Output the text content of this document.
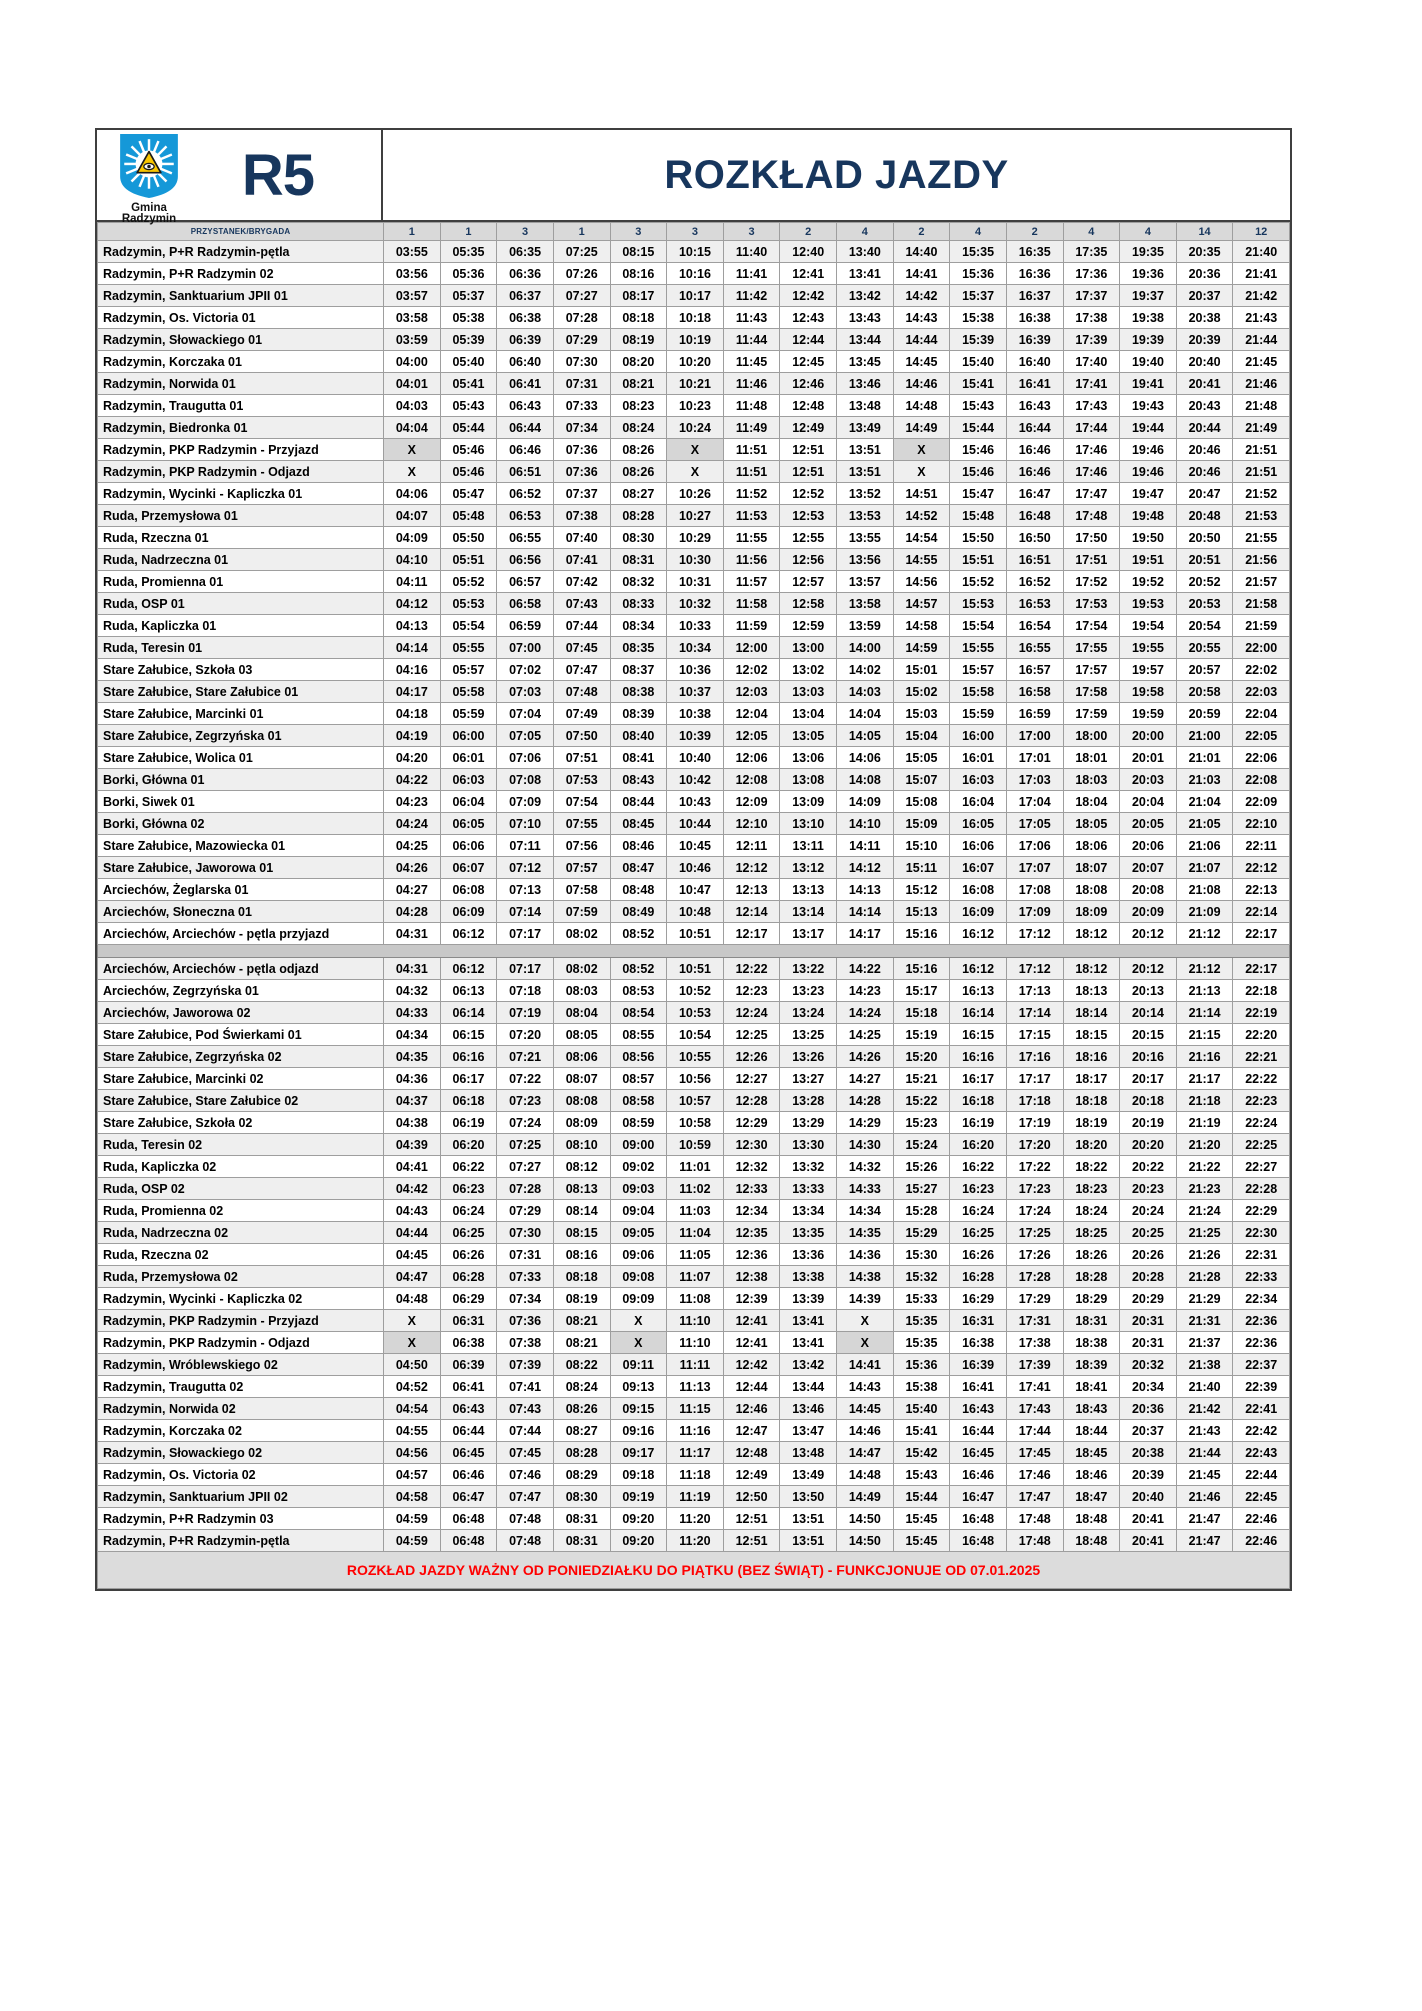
Gmina
Radzymin
R5	ROZKŁAD JAZDY
PRZYSTANEK/BRYGADA	1	1	3	1	3	3	3	2	4	2	4	2	4	4	14	12
Radzymin, P+R Radzymin-pętla	03:55	05:35	06:35	07:25	08:15	10:15	11:40	12:40	13:40	14:40	15:35	16:35	17:35	19:35	20:35	21:40
Radzymin, P+R Radzymin 02	03:56	05:36	06:36	07:26	08:16	10:16	11:41	12:41	13:41	14:41	15:36	16:36	17:36	19:36	20:36	21:41
Radzymin, Sanktuarium JPII 01	03:57	05:37	06:37	07:27	08:17	10:17	11:42	12:42	13:42	14:42	15:37	16:37	17:37	19:37	20:37	21:42
Radzymin, Os. Victoria 01	03:58	05:38	06:38	07:28	08:18	10:18	11:43	12:43	13:43	14:43	15:38	16:38	17:38	19:38	20:38	21:43
Radzymin, Słowackiego 01	03:59	05:39	06:39	07:29	08:19	10:19	11:44	12:44	13:44	14:44	15:39	16:39	17:39	19:39	20:39	21:44
Radzymin, Korczaka 01	04:00	05:40	06:40	07:30	08:20	10:20	11:45	12:45	13:45	14:45	15:40	16:40	17:40	19:40	20:40	21:45
Radzymin, Norwida 01	04:01	05:41	06:41	07:31	08:21	10:21	11:46	12:46	13:46	14:46	15:41	16:41	17:41	19:41	20:41	21:46
Radzymin, Traugutta 01	04:03	05:43	06:43	07:33	08:23	10:23	11:48	12:48	13:48	14:48	15:43	16:43	17:43	19:43	20:43	21:48
Radzymin, Biedronka 01	04:04	05:44	06:44	07:34	08:24	10:24	11:49	12:49	13:49	14:49	15:44	16:44	17:44	19:44	20:44	21:49
Radzymin, PKP Radzymin - Przyjazd	X	05:46	06:46	07:36	08:26	X	11:51	12:51	13:51	X	15:46	16:46	17:46	19:46	20:46	21:51
Radzymin, PKP Radzymin - Odjazd	X	05:46	06:51	07:36	08:26	X	11:51	12:51	13:51	X	15:46	16:46	17:46	19:46	20:46	21:51
Radzymin, Wycinki - Kapliczka 01	04:06	05:47	06:52	07:37	08:27	10:26	11:52	12:52	13:52	14:51	15:47	16:47	17:47	19:47	20:47	21:52
Ruda, Przemysłowa 01	04:07	05:48	06:53	07:38	08:28	10:27	11:53	12:53	13:53	14:52	15:48	16:48	17:48	19:48	20:48	21:53
Ruda, Rzeczna 01	04:09	05:50	06:55	07:40	08:30	10:29	11:55	12:55	13:55	14:54	15:50	16:50	17:50	19:50	20:50	21:55
Ruda, Nadrzeczna 01	04:10	05:51	06:56	07:41	08:31	10:30	11:56	12:56	13:56	14:55	15:51	16:51	17:51	19:51	20:51	21:56
Ruda, Promienna 01	04:11	05:52	06:57	07:42	08:32	10:31	11:57	12:57	13:57	14:56	15:52	16:52	17:52	19:52	20:52	21:57
Ruda, OSP 01	04:12	05:53	06:58	07:43	08:33	10:32	11:58	12:58	13:58	14:57	15:53	16:53	17:53	19:53	20:53	21:58
Ruda, Kapliczka 01	04:13	05:54	06:59	07:44	08:34	10:33	11:59	12:59	13:59	14:58	15:54	16:54	17:54	19:54	20:54	21:59
Ruda, Teresin 01	04:14	05:55	07:00	07:45	08:35	10:34	12:00	13:00	14:00	14:59	15:55	16:55	17:55	19:55	20:55	22:00
Stare Załubice, Szkoła 03	04:16	05:57	07:02	07:47	08:37	10:36	12:02	13:02	14:02	15:01	15:57	16:57	17:57	19:57	20:57	22:02
Stare Załubice, Stare Załubice 01	04:17	05:58	07:03	07:48	08:38	10:37	12:03	13:03	14:03	15:02	15:58	16:58	17:58	19:58	20:58	22:03
Stare Załubice, Marcinki 01	04:18	05:59	07:04	07:49	08:39	10:38	12:04	13:04	14:04	15:03	15:59	16:59	17:59	19:59	20:59	22:04
Stare Załubice, Zegrzyńska 01	04:19	06:00	07:05	07:50	08:40	10:39	12:05	13:05	14:05	15:04	16:00	17:00	18:00	20:00	21:00	22:05
Stare Załubice, Wolica 01	04:20	06:01	07:06	07:51	08:41	10:40	12:06	13:06	14:06	15:05	16:01	17:01	18:01	20:01	21:01	22:06
Borki, Główna 01	04:22	06:03	07:08	07:53	08:43	10:42	12:08	13:08	14:08	15:07	16:03	17:03	18:03	20:03	21:03	22:08
Borki, Siwek 01	04:23	06:04	07:09	07:54	08:44	10:43	12:09	13:09	14:09	15:08	16:04	17:04	18:04	20:04	21:04	22:09
Borki, Główna 02	04:24	06:05	07:10	07:55	08:45	10:44	12:10	13:10	14:10	15:09	16:05	17:05	18:05	20:05	21:05	22:10
Stare Załubice, Mazowiecka 01	04:25	06:06	07:11	07:56	08:46	10:45	12:11	13:11	14:11	15:10	16:06	17:06	18:06	20:06	21:06	22:11
Stare Załubice, Jaworowa 01	04:26	06:07	07:12	07:57	08:47	10:46	12:12	13:12	14:12	15:11	16:07	17:07	18:07	20:07	21:07	22:12
Arciechów, Żeglarska 01	04:27	06:08	07:13	07:58	08:48	10:47	12:13	13:13	14:13	15:12	16:08	17:08	18:08	20:08	21:08	22:13
Arciechów, Słoneczna 01	04:28	06:09	07:14	07:59	08:49	10:48	12:14	13:14	14:14	15:13	16:09	17:09	18:09	20:09	21:09	22:14
Arciechów, Arciechów - pętla przyjazd	04:31	06:12	07:17	08:02	08:52	10:51	12:17	13:17	14:17	15:16	16:12	17:12	18:12	20:12	21:12	22:17

Arciechów, Arciechów - pętla odjazd	04:31	06:12	07:17	08:02	08:52	10:51	12:22	13:22	14:22	15:16	16:12	17:12	18:12	20:12	21:12	22:17
Arciechów, Zegrzyńska 01	04:32	06:13	07:18	08:03	08:53	10:52	12:23	13:23	14:23	15:17	16:13	17:13	18:13	20:13	21:13	22:18
Arciechów, Jaworowa 02	04:33	06:14	07:19	08:04	08:54	10:53	12:24	13:24	14:24	15:18	16:14	17:14	18:14	20:14	21:14	22:19
Stare Załubice, Pod Świerkami 01	04:34	06:15	07:20	08:05	08:55	10:54	12:25	13:25	14:25	15:19	16:15	17:15	18:15	20:15	21:15	22:20
Stare Załubice, Zegrzyńska 02	04:35	06:16	07:21	08:06	08:56	10:55	12:26	13:26	14:26	15:20	16:16	17:16	18:16	20:16	21:16	22:21
Stare Załubice, Marcinki 02	04:36	06:17	07:22	08:07	08:57	10:56	12:27	13:27	14:27	15:21	16:17	17:17	18:17	20:17	21:17	22:22
Stare Załubice, Stare Załubice 02	04:37	06:18	07:23	08:08	08:58	10:57	12:28	13:28	14:28	15:22	16:18	17:18	18:18	20:18	21:18	22:23
Stare Załubice, Szkoła 02	04:38	06:19	07:24	08:09	08:59	10:58	12:29	13:29	14:29	15:23	16:19	17:19	18:19	20:19	21:19	22:24
Ruda, Teresin 02	04:39	06:20	07:25	08:10	09:00	10:59	12:30	13:30	14:30	15:24	16:20	17:20	18:20	20:20	21:20	22:25
Ruda, Kapliczka 02	04:41	06:22	07:27	08:12	09:02	11:01	12:32	13:32	14:32	15:26	16:22	17:22	18:22	20:22	21:22	22:27
Ruda, OSP 02	04:42	06:23	07:28	08:13	09:03	11:02	12:33	13:33	14:33	15:27	16:23	17:23	18:23	20:23	21:23	22:28
Ruda, Promienna 02	04:43	06:24	07:29	08:14	09:04	11:03	12:34	13:34	14:34	15:28	16:24	17:24	18:24	20:24	21:24	22:29
Ruda, Nadrzeczna 02	04:44	06:25	07:30	08:15	09:05	11:04	12:35	13:35	14:35	15:29	16:25	17:25	18:25	20:25	21:25	22:30
Ruda, Rzeczna 02	04:45	06:26	07:31	08:16	09:06	11:05	12:36	13:36	14:36	15:30	16:26	17:26	18:26	20:26	21:26	22:31
Ruda, Przemysłowa 02	04:47	06:28	07:33	08:18	09:08	11:07	12:38	13:38	14:38	15:32	16:28	17:28	18:28	20:28	21:28	22:33
Radzymin, Wycinki - Kapliczka 02	04:48	06:29	07:34	08:19	09:09	11:08	12:39	13:39	14:39	15:33	16:29	17:29	18:29	20:29	21:29	22:34
Radzymin, PKP Radzymin - Przyjazd	X	06:31	07:36	08:21	X	11:10	12:41	13:41	X	15:35	16:31	17:31	18:31	20:31	21:31	22:36
Radzymin, PKP Radzymin - Odjazd	X	06:38	07:38	08:21	X	11:10	12:41	13:41	X	15:35	16:38	17:38	18:38	20:31	21:37	22:36
Radzymin, Wróblewskiego 02	04:50	06:39	07:39	08:22	09:11	11:11	12:42	13:42	14:41	15:36	16:39	17:39	18:39	20:32	21:38	22:37
Radzymin, Traugutta 02	04:52	06:41	07:41	08:24	09:13	11:13	12:44	13:44	14:43	15:38	16:41	17:41	18:41	20:34	21:40	22:39
Radzymin, Norwida 02	04:54	06:43	07:43	08:26	09:15	11:15	12:46	13:46	14:45	15:40	16:43	17:43	18:43	20:36	21:42	22:41
Radzymin, Korczaka 02	04:55	06:44	07:44	08:27	09:16	11:16	12:47	13:47	14:46	15:41	16:44	17:44	18:44	20:37	21:43	22:42
Radzymin, Słowackiego 02	04:56	06:45	07:45	08:28	09:17	11:17	12:48	13:48	14:47	15:42	16:45	17:45	18:45	20:38	21:44	22:43
Radzymin, Os. Victoria 02	04:57	06:46	07:46	08:29	09:18	11:18	12:49	13:49	14:48	15:43	16:46	17:46	18:46	20:39	21:45	22:44
Radzymin, Sanktuarium JPII 02	04:58	06:47	07:47	08:30	09:19	11:19	12:50	13:50	14:49	15:44	16:47	17:47	18:47	20:40	21:46	22:45
Radzymin, P+R Radzymin 03	04:59	06:48	07:48	08:31	09:20	11:20	12:51	13:51	14:50	15:45	16:48	17:48	18:48	20:41	21:47	22:46
Radzymin, P+R Radzymin-pętla	04:59	06:48	07:48	08:31	09:20	11:20	12:51	13:51	14:50	15:45	16:48	17:48	18:48	20:41	21:47	22:46
ROZKŁAD JAZDY WAŻNY OD PONIEDZIAŁKU DO PIĄTKU (BEZ ŚWIĄT) - FUNKCJONUJE OD 07.01.2025																
